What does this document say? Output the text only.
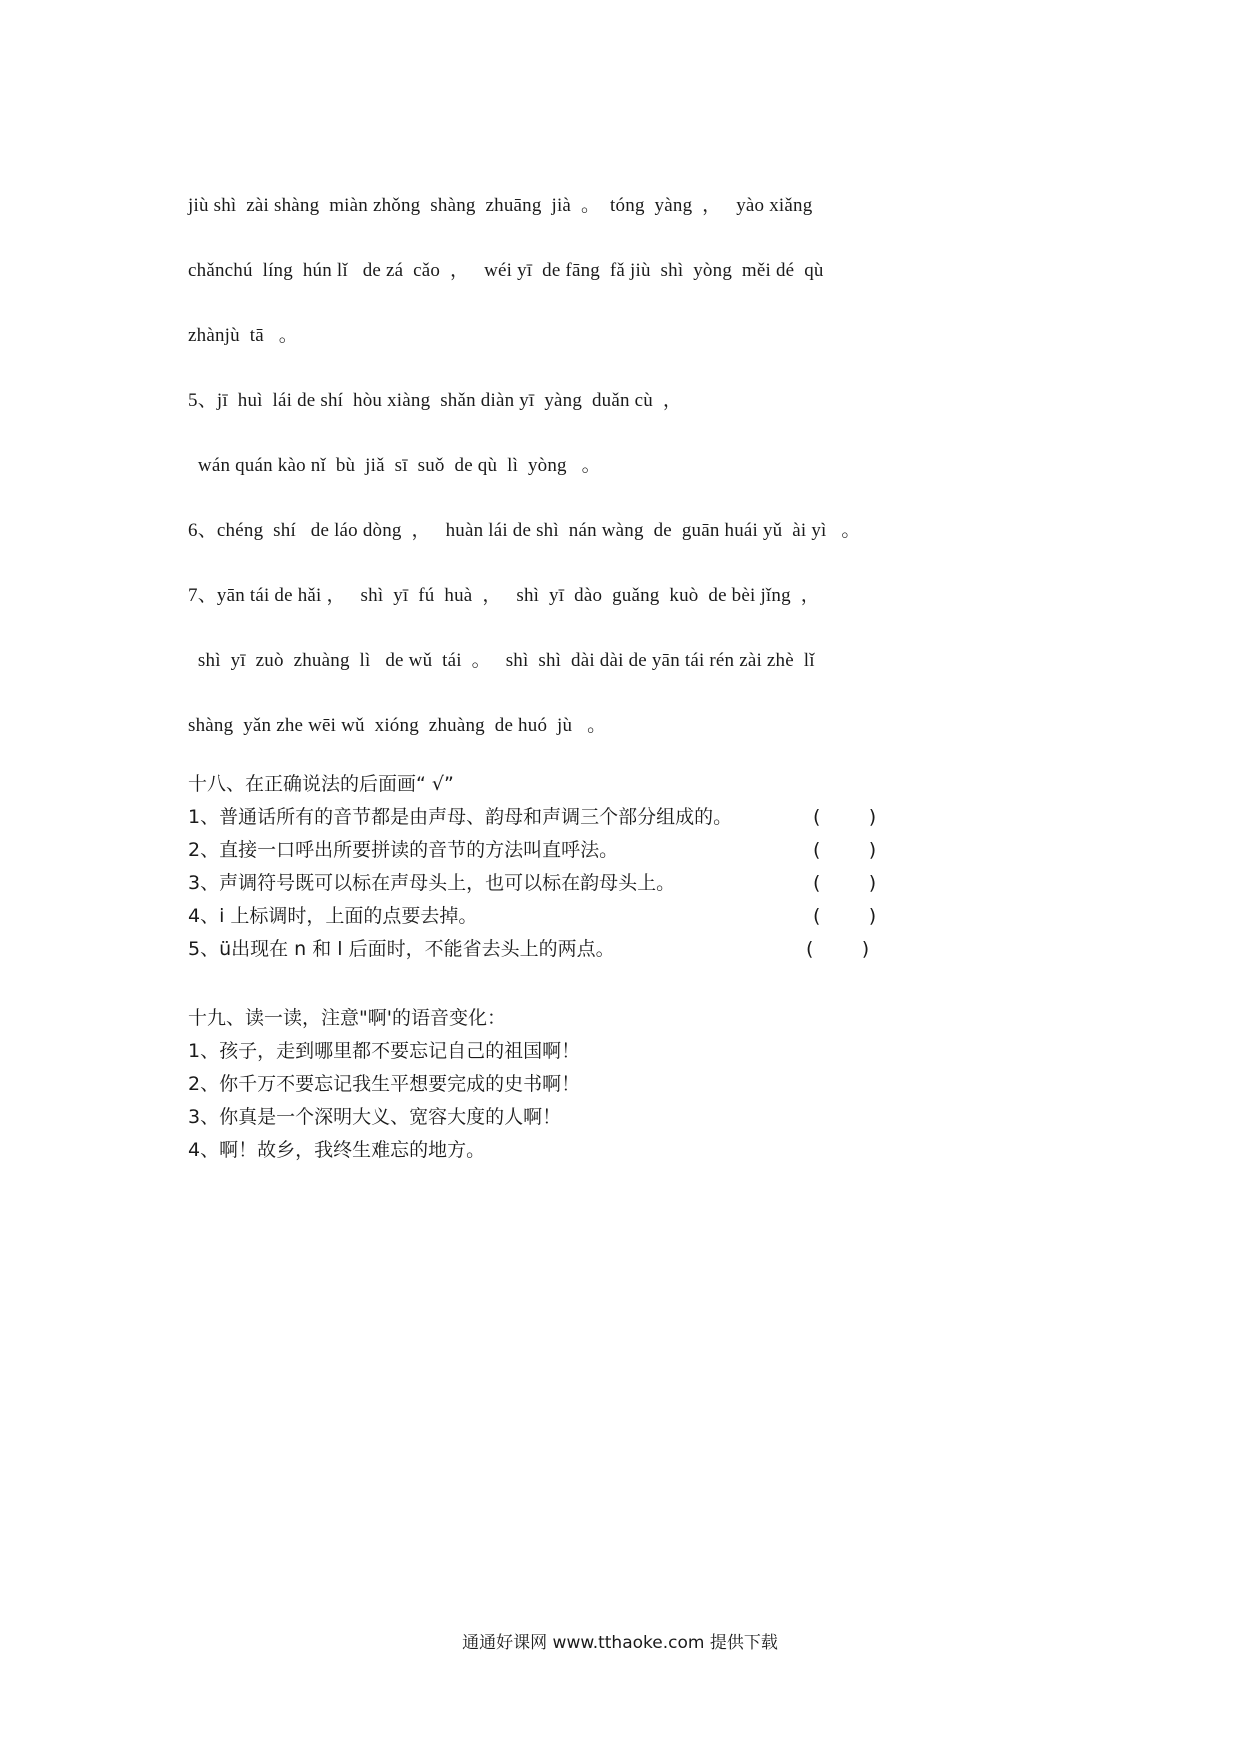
jiù shì  zài shàng  miàn zhǒng  shàng  zhuāng  jià  。  tóng  yàng  ，   yào xiǎng
chǎnchú  líng  hún lǐ   de zá  cǎo  ，   wéi yī  de fāng  fǎ jiù  shì  yòng  měi dé  qù
zhànjù  tā   。
5、jī  huì  lái de shí  hòu xiàng  shǎn diàn yī  yàng  duǎn cù  ，
wán quán kào nǐ  bù  jiǎ  sī  suǒ  de qù  lì  yòng   。
6、chéng  shí   de láo dòng  ，   huàn lái de shì  nán wàng  de  guān huái yǔ  ài yì   。
7、yān tái de hǎi ，   shì  yī  fú  huà  ，   shì  yī  dào  guǎng  kuò  de bèi jǐng  ，
shì  yī  zuò  zhuàng  lì   de wǔ  tái  。   shì  shì  dài dài de yān tái rén zài zhè  lǐ
shàng  yǎn zhe wēi wǔ  xióng  zhuàng  de huó  jù   。
十八、在正确说法的后面画“ √”
1、普通话所有的音节都是由声母、韵母和声调三个部分组成的。	(        )
2、直接一口呼出所要拼读的音节的方法叫直呼法。	(        )
3、声调符号既可以标在声母头上，也可以标在韵母头上。	(        )
4、i 上标调时，上面的点要去掉。	(        )
5、ü出现在 n 和 l 后面时，不能省去头上的两点。	(        )
十九、读一读，注意"啊'的语音变化：
1、孩子，走到哪里都不要忘记自己的祖国啊！
2、你千万不要忘记我生平想要完成的史书啊！
3、你真是一个深明大义、宽容大度的人啊！
4、啊！故乡，我终生难忘的地方。
通通好课网 www.tthaoke.com 提供下载
